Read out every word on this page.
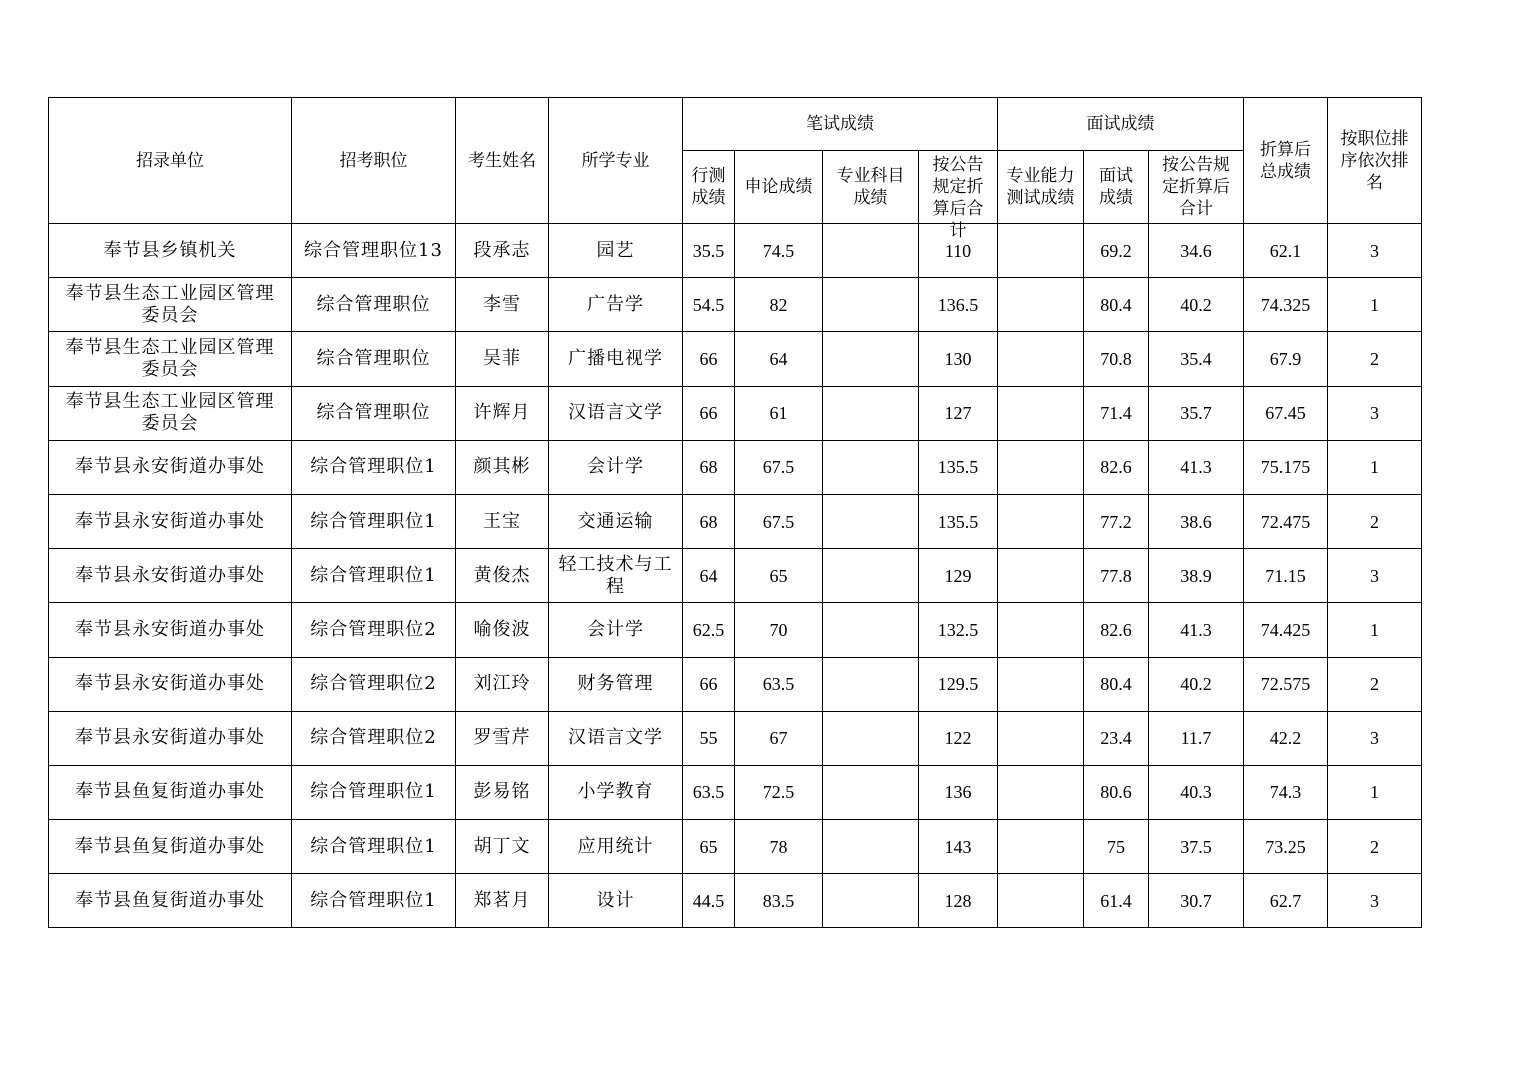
招录单位	招考职位	考生姓名	所学专业	笔试成绩				面试成绩			折算后总成绩	按职位排序依次排名
				行测成绩	申论成绩	专业科目成绩	按公告规定折算后合计	专业能力测试成绩	面试成绩	按公告规定折算后合计		
奉节县乡镇机关	综合管理职位13	段承志	园艺	35.5	74.5		110		69.2	34.6	62.1	3
奉节县生态工业园区管理委员会	综合管理职位	李雪	广告学	54.5	82		136.5		80.4	40.2	74.325	1
奉节县生态工业园区管理委员会	综合管理职位	吴菲	广播电视学	66	64		130		70.8	35.4	67.9	2
奉节县生态工业园区管理委员会	综合管理职位	许辉月	汉语言文学	66	61		127		71.4	35.7	67.45	3
奉节县永安街道办事处	综合管理职位1	颜其彬	会计学	68	67.5		135.5		82.6	41.3	75.175	1
奉节县永安街道办事处	综合管理职位1	王宝	交通运输	68	67.5		135.5		77.2	38.6	72.475	2
奉节县永安街道办事处	综合管理职位1	黄俊杰	轻工技术与工程	64	65		129		77.8	38.9	71.15	3
奉节县永安街道办事处	综合管理职位2	喻俊波	会计学	62.5	70		132.5		82.6	41.3	74.425	1
奉节县永安街道办事处	综合管理职位2	刘江玲	财务管理	66	63.5		129.5		80.4	40.2	72.575	2
奉节县永安街道办事处	综合管理职位2	罗雪芹	汉语言文学	55	67		122		23.4	11.7	42.2	3
奉节县鱼复街道办事处	综合管理职位1	彭易铭	小学教育	63.5	72.5		136		80.6	40.3	74.3	1
奉节县鱼复街道办事处	综合管理职位1	胡丁文	应用统计	65	78		143		75	37.5	73.25	2
奉节县鱼复街道办事处	综合管理职位1	郑茗月	设计	44.5	83.5		128		61.4	30.7	62.7	3
